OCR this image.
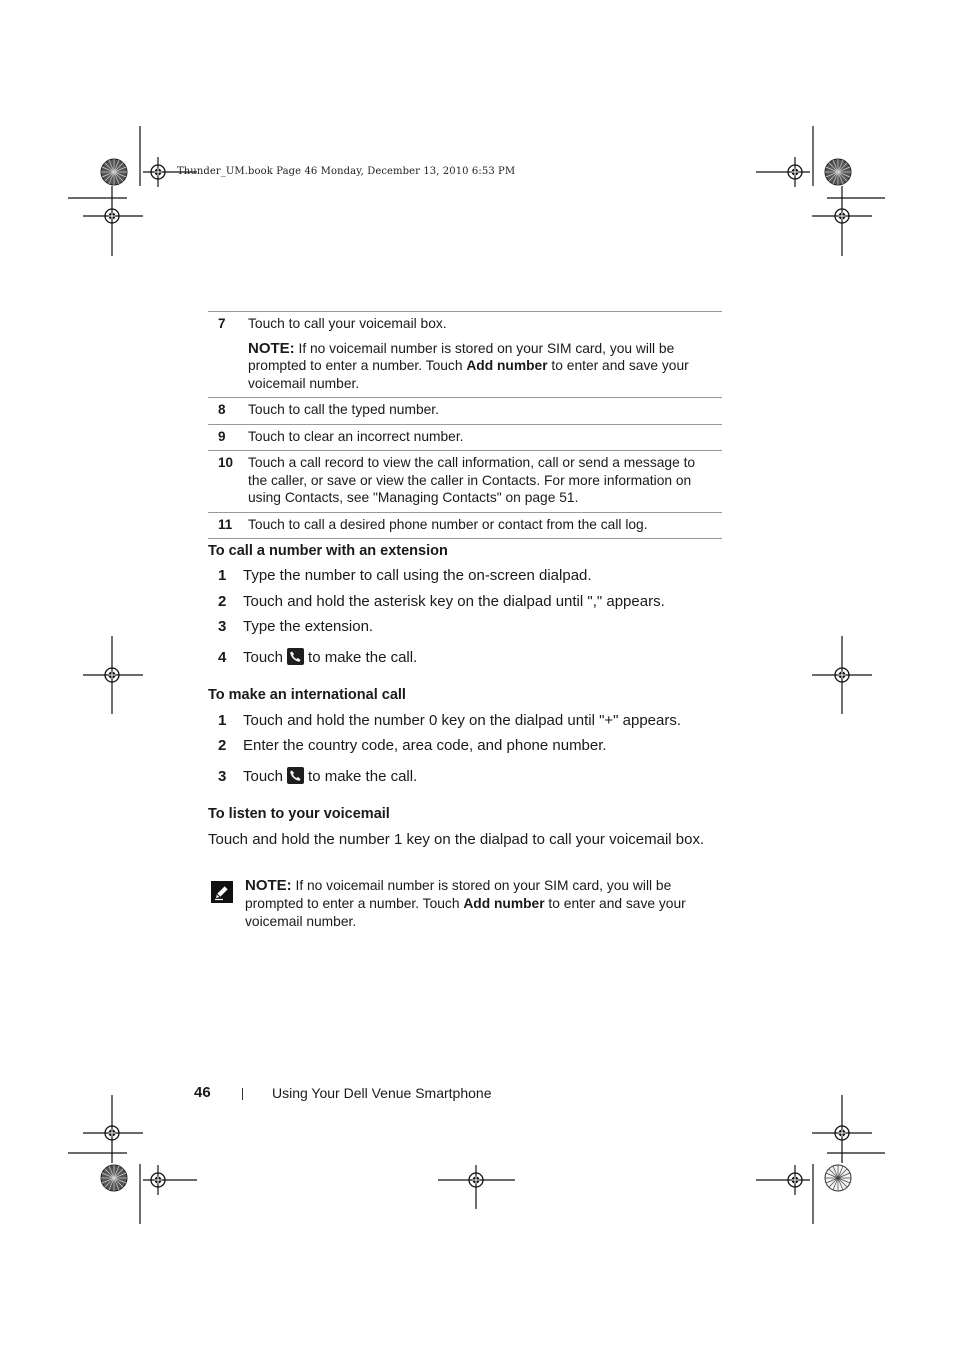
Thunder_UM.book Page 46 Monday, December 13, 2010 6:53 PM
7	Touch to call your voicemail box.
NOTE: If no voicemail number is stored on your SIM card, you will be prompted to enter a number. Touch Add number to enter and save your voicemail number.
8	Touch to call the typed number.
9	Touch to clear an incorrect number.
10	Touch a call record to view the call information, call or send a message to the caller, or save or view the caller in Contacts. For more information on using Contacts, see "Managing Contacts" on page 51.
11	Touch to call a desired phone number or contact from the call log.
To call a number with an extension
1 Type the number to call using the on-screen dialpad.
2 Touch and hold the asterisk key on the dialpad until "," appears.
3 Type the extension.
4 Touch to make the call.
To make an international call
1 Touch and hold the number 0 key on the dialpad until "+" appears.
2 Enter the country code, area code, and phone number.
3 Touch to make the call.
To listen to your voicemail
Touch and hold the number 1 key on the dialpad to call your voicemail box.
NOTE: If no voicemail number is stored on your SIM card, you will be prompted to enter a number. Touch Add number to enter and save your voicemail number.
46	Using Your Dell Venue Smartphone
